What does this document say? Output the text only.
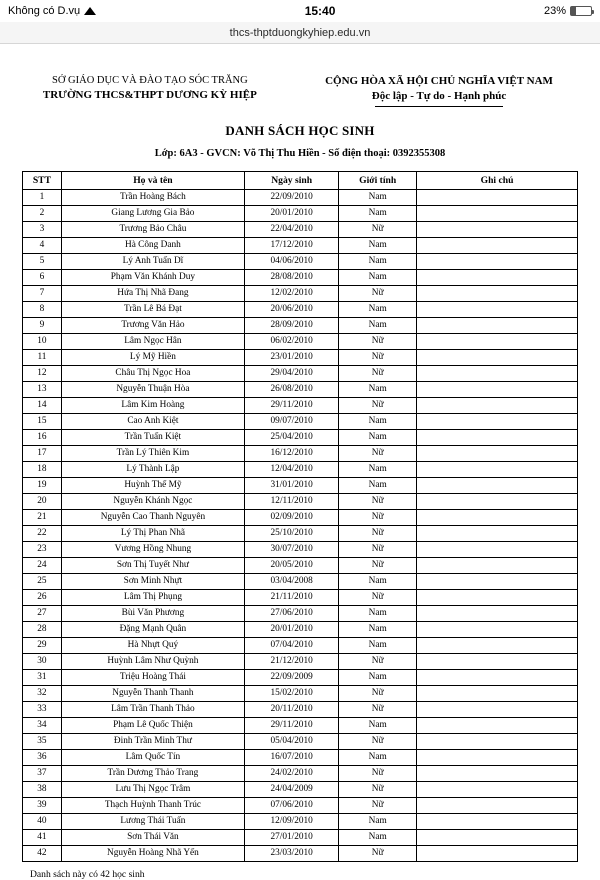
Không có D.vụ	15:40	23%
thcs-thptduongkyhiep.edu.vn
SỞ GIÁO DỤC VÀ ĐÀO TẠO SÓC TRĂNG
TRƯỜNG THCS&THPT DƯƠNG KỲ HIỆP
CỘNG HÒA XÃ HỘI CHỦ NGHĨA VIỆT NAM
Độc lập - Tự do - Hạnh phúc
DANH SÁCH HỌC SINH
Lớp: 6A3 - GVCN: Võ Thị Thu Hiền - Số điện thoại: 0392355308
STT	Họ và tên	Ngày sinh	Giới tính	Ghi chú
1	Trần Hoàng Bách	22/09/2010	Nam	
2	Giang Lương Gia Bảo	20/01/2010	Nam	
3	Trương Bảo Châu	22/04/2010	Nữ	
4	Hà Công Danh	17/12/2010	Nam	
5	Lý Anh Tuấn Dĩ	04/06/2010	Nam	
6	Phạm Văn Khánh Duy	28/08/2010	Nam	
7	Hứa Thị Nhã Đang	12/02/2010	Nữ	
8	Trần Lê Bá Đạt	20/06/2010	Nam	
9	Trương Văn Hảo	28/09/2010	Nam	
10	Lâm Ngọc Hân	06/02/2010	Nữ	
11	Lý Mỹ Hiền	23/01/2010	Nữ	
12	Châu Thị Ngọc Hoa	29/04/2010	Nữ	
13	Nguyễn Thuận Hòa	26/08/2010	Nam	
14	Lâm Kim Hoàng	29/11/2010	Nữ	
15	Cao Anh Kiệt	09/07/2010	Nam	
16	Trần Tuấn Kiệt	25/04/2010	Nam	
17	Trần Lý Thiên Kim	16/12/2010	Nữ	
18	Lý Thành Lập	12/04/2010	Nam	
19	Huỳnh Thế Mỹ	31/01/2010	Nam	
20	Nguyễn Khánh Ngọc	12/11/2010	Nữ	
21	Nguyễn Cao Thanh Nguyên	02/09/2010	Nữ	
22	Lý Thị Phan Nhã	25/10/2010	Nữ	
23	Vương Hồng Nhung	30/07/2010	Nữ	
24	Sơn Thị Tuyết Như	20/05/2010	Nữ	
25	Sơn Minh Nhựt	03/04/2008	Nam	
26	Lâm Thị Phụng	21/11/2010	Nữ	
27	Bùi Văn Phương	27/06/2010	Nam	
28	Đặng Mạnh Quân	20/01/2010	Nam	
29	Hà Nhựt Quý	07/04/2010	Nam	
30	Huỳnh Lâm Như Quỳnh	21/12/2010	Nữ	
31	Triệu Hoàng Thái	22/09/2009	Nam	
32	Nguyễn Thanh Thanh	15/02/2010	Nữ	
33	Lâm Trần Thanh Thảo	20/11/2010	Nữ	
34	Phạm Lê Quốc Thiện	29/11/2010	Nam	
35	Đinh Trần Minh Thư	05/04/2010	Nữ	
36	Lâm Quốc Tín	16/07/2010	Nam	
37	Trần Dương Thảo Trang	24/02/2010	Nữ	
38	Lưu Thị Ngọc Trâm	24/04/2009	Nữ	
39	Thạch Huỳnh Thanh Trúc	07/06/2010	Nữ	
40	Lương Thái Tuấn	12/09/2010	Nam	
41	Sơn Thái Văn	27/01/2010	Nam	
42	Nguyễn Hoàng Nhã Yến	23/03/2010	Nữ	
Danh sách này có 42 học sinh
